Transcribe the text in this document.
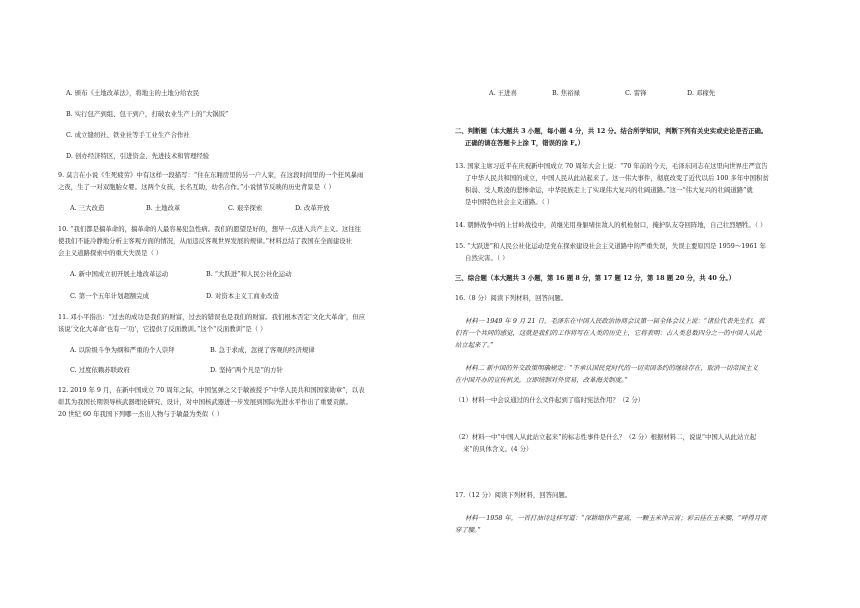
A. 颁布《土地改革法》，将地主的土地分给农民
B. 实行包产到组、包干到户，打破农业生产上的“大锅饭”
C. 成立缝纫社、铁业社等手工业生产合作社
D. 创办经济特区，引进资金、先进技术和管理经验
9. 莫言在小说《生死疲劳》中有这样一段描写：“住在东厢房里的另一户人家，在这段时间里的一个狂风暴雨
之夜，生了一对双胞胎女婴。这两个女孩，长名互助，幼名合作。”小说情节反映的历史背景是（ ）
A. 三大改造	B. 土地改革	C. 艰辛探索	D. 改革开放
10. “我们都是搞革命的，搞革命的人最容易犯急性病。我们的愿望是好的，想早一点进入共产主义。这往往
使我们不能冷静地分析主客观方面的情况，从而违反客观世界发展的规律。”材料总结了我国在全面建设社
会主义道路探索中的重大失误是（ ）
A. 新中国成立初开展土地改革运动	B. “大跃进”和人民公社化运动
C. 第一个五年计划超额完成	D. 对资本主义工商业改造
11. 邓小平指出：“过去的成功是我们的财富，过去的错误也是我们的财富。我们根本否定‘文化大革命’，但应
该说‘文化大革命’也有一‘功’，它提供了反面教训。”这个“反面教训”是（ ）
A. 以阶级斗争为纲和严重的个人崇拜	B. 急于求成，忽视了客观的经济规律
C. 过度依赖苏联政府	D. 坚持“两个凡是”的方针
12. 2019 年 9 月，在新中国成立 70 周年之际，中国氢弹之父于敏被授予“中华人民共和国国家勋章”，以表
彰其为我国长期领导核武器理论研究、设计，对中国核武器进一步发展到国际先进水平作出了重要贡献。
20 世纪 60 年我国下列哪一杰出人物与于敏最为类似（ ）
A. 王进喜	B. 焦裕禄	C. 雷锋	D. 邓稼先
二、判断题（本大题共 3 小题，每小题 4 分，共 12 分。结合所学知识，判断下列有关史实或史论是否正确。
正确的请在答题卡上涂 T，错误的涂 F。）
13. 国家主席习近平在庆祝新中国成立 70 周年大会上说：“70 年前的今天，毛泽东同志在这里向世界庄严宣告
了中华人民共和国的成立，中国人民从此站起来了。这一伟大事件，彻底改变了近代以后 100 多年中国积贫
积弱、受人欺凌的悲惨命运，中华民族走上了实现伟大复兴的壮阔道路。”这一“伟大复兴的壮阔道路”就
是中国特色社会主义道路。（ ）
14. 朝鲜战争中的上甘岭战役中，黄继光用身躯堵住敌人的机枪射口，掩护队友夺回阵地，自己壮烈牺牲。（ ）
15. “大跃进”和人民公社化运动是党在探索建设社会主义道路中的严重失误，失误主要原因是 1959～1961 年
自然灾害。（ ）
三、综合题（本大题共 3 小题，第 16 题 8 分，第 17 题 12 分，第 18 题 20 分，共 40 分。）
16.（8 分）阅读下列材料，回答问题。
材料一 1949 年 9 月 21 日，毛泽东在中国人民政治协商会议第一届全体会议上说：“诸位代表先生们，我
们有一个共同的感觉，这就是我们的工作将写在人类的历史上，它将表明：占人类总数四分之一的中国人从此
站立起来了。”
材料二 新中国的外交政策明确规定：“不承认国民党时代的一切卖国条约的继续存在，取消一切帝国主义
在中国开办的宣传机关，立即统制对外贸易，改革海关制度。”
（1）材料一中会议通过的什么文件起到了临时宪法作用？（2 分）
（2）材料一中“中国人从此站立起来”的标志性事件是什么？（2 分）根据材料二，说说“中国人从此站立起
来”的具体含义。(4 分）
17.（12 分）阅读下列材料，回答问题。
材料一 1958 年，一首打油诗这样写道：“深耕细作产量高，一颗玉米冲云宵；彩云挂在玉米腰，“呼得月亮
穿了腰。”
